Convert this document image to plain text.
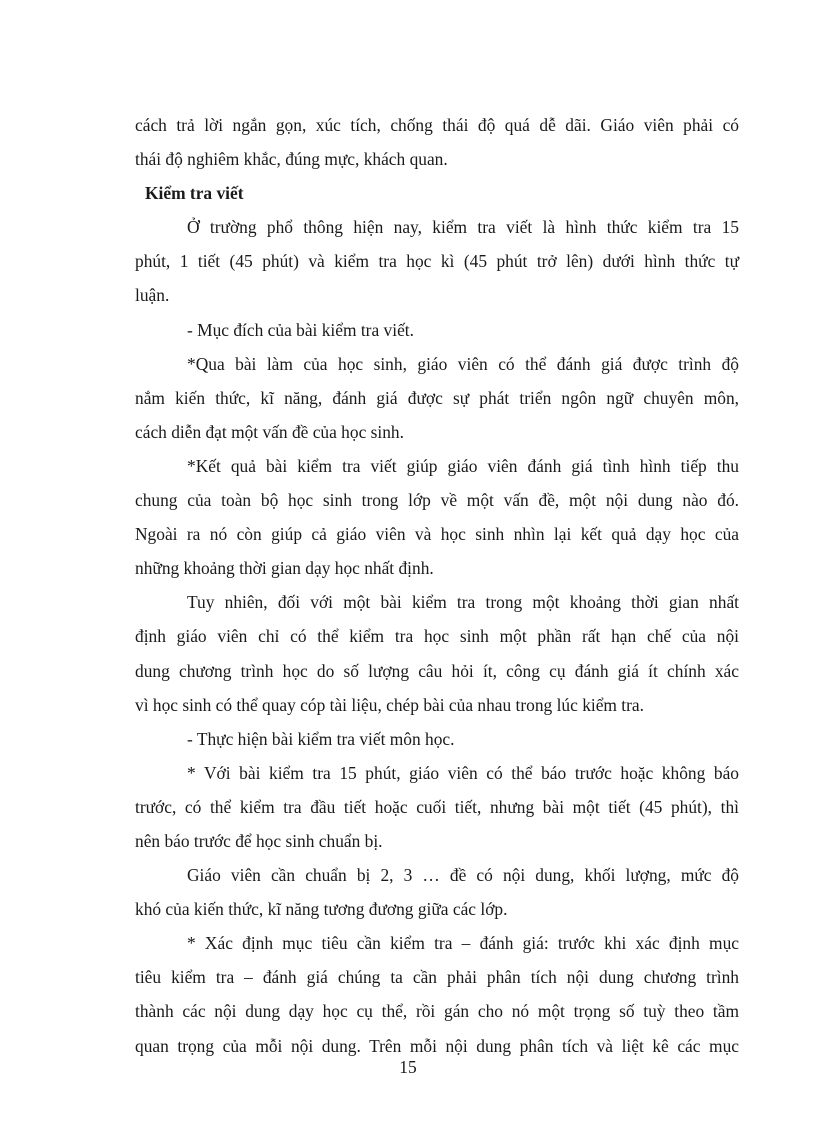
cách trả lời ngắn gọn, xúc tích, chống thái độ quá dễ dãi. Giáo viên phải có
thái độ nghiêm khắc, đúng mực, khách quan.
Kiểm tra viết
Ở trường phổ thông hiện nay, kiểm tra viết là hình thức kiểm tra 15
phút, 1 tiết (45 phút) và kiểm tra học kì (45 phút trở lên) dưới hình thức tự
luận.
- Mục đích của bài kiểm tra viết.
*Qua bài làm của học sinh, giáo viên có thể đánh giá được trình độ
nắm kiến thức, kĩ năng, đánh giá được sự phát triển ngôn ngữ chuyên môn,
cách diễn đạt một vấn đề của học sinh.
*Kết quả bài kiểm tra viết giúp giáo viên đánh giá tình hình tiếp thu
chung của toàn bộ học sinh trong lớp về một vấn đề, một nội dung nào đó.
Ngoài ra nó còn giúp cả giáo viên và học sinh nhìn lại kết quả dạy học của
những khoảng thời gian dạy học nhất định.
Tuy nhiên, đối với một bài kiểm tra trong một khoảng thời gian nhất
định giáo viên chỉ có thể kiểm tra học sinh một phần rất hạn chế của nội
dung chương trình học do số lượng câu hỏi ít, công cụ đánh giá ít chính xác
vì học sinh có thể quay cóp tài liệu, chép bài của nhau trong lúc kiểm tra.
- Thực hiện bài kiểm tra viết môn học.
* Với bài kiểm tra 15 phút, giáo viên có thể báo trước hoặc không báo
trước, có thể kiểm tra đầu tiết hoặc cuối tiết, nhưng bài một tiết (45 phút), thì
nên báo trước để học sinh chuẩn bị.
Giáo viên cần chuẩn bị 2, 3 … đề có nội dung, khối lượng, mức độ
khó của kiến thức, kĩ năng tương đương giữa các lớp.
* Xác định mục tiêu cần kiểm tra – đánh giá: trước khi xác định mục
tiêu kiểm tra – đánh giá chúng ta cần phải phân tích nội dung chương trình
thành các nội dung dạy học cụ thể, rồi gán cho nó một trọng số tuỳ theo tầm
quan trọng của mỗi nội dung. Trên mỗi nội dung phân tích và liệt kê các mục
15
